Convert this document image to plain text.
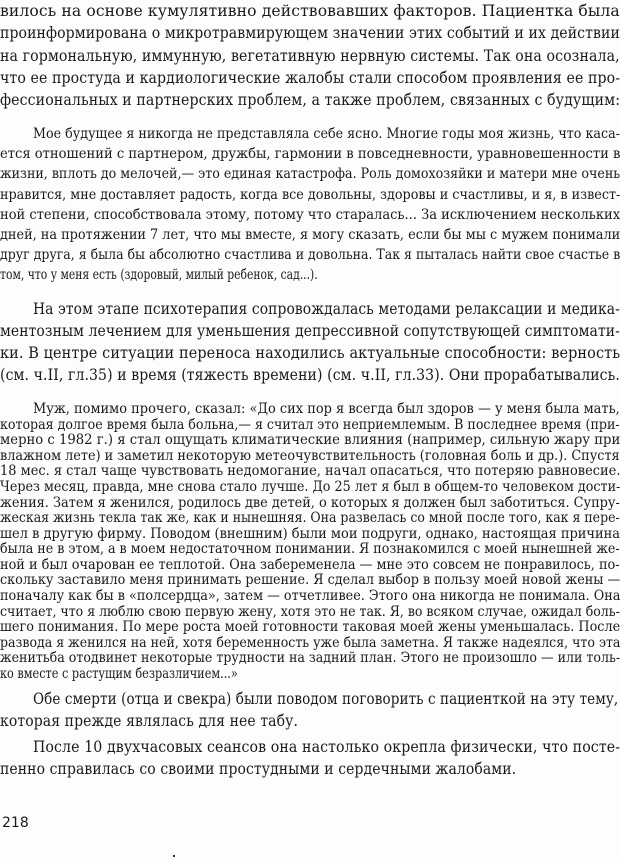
вилось на основе кумулятивно действовавших факторов. Пациентка была
проинформирована о микротравмирующем значении этих событий и их действии
на гормональную, иммунную, вегетативную нервную системы. Так она осознала,
что ее простуда и кардиологические жалобы стали способом проявления ее про-
фессиональных и партнерских проблем, а также проблем, связанных с будущим:
Мое будущее я никогда не представляла себе ясно. Многие годы моя жизнь, что каса-
ется отношений с партнером, дружбы, гармонии в повседневности, уравновешенности в
жизни, вплоть до мелочей,— это единая катастрофа. Роль домохозяйки и матери мне очень
нравится, мне доставляет радость, когда все довольны, здоровы и счастливы, и я, в извест-
ной степени, способствовала этому, потому что старалась... За исключением нескольких
дней, на протяжении 7 лет, что мы вместе, я могу сказать, если бы мы с мужем понимали
друг друга, я была бы абсолютно счастлива и довольна. Так я пыталась найти свое счастье в
том, что у меня есть (здоровый, милый ребенок, сад...).
На этом этапе психотерапия сопровождалась методами релаксации и медика-
ментозным лечением для уменьшения депрессивной сопутствующей симптомати-
ки. В центре ситуации переноса находились актуальные способности: верность
(см. ч.II, гл.35) и время (тяжесть времени) (см. ч.II, гл.33). Они прорабатывались.
Муж, помимо прочего, сказал: «До сих пор я всегда был здоров — у меня была мать,
которая долгое время была больна,— я считал это неприемлемым. В последнее время (при-
мерно с 1982 г.) я стал ощущать климатические влияния (например, сильную жару при
влажном лете) и заметил некоторую метеочувствительность (головная боль и др.). Спустя
18 мес. я стал чаще чувствовать недомогание, начал опасаться, что потеряю равновесие.
Через месяц, правда, мне снова стало лучше. До 25 лет я был в общем-то человеком дости-
жения. Затем я женился, родилось две детей, о которых я должен был заботиться. Супру-
жеская жизнь текла так же, как и нынешняя. Она развелась со мной после того, как я пере-
шел в другую фирму. Поводом (внешним) были мои подруги, однако, настоящая причина
была не в этом, а в моем недостаточном понимании. Я познакомился с моей нынешней же-
ной и был очарован ее теплотой. Она забеременела — мне это совсем не понравилось, по-
скольку заставило меня принимать решение. Я сделал выбор в пользу моей новой жены —
поначалу как бы в «полсердца», затем — отчетливее. Этого она никогда не понимала. Она
считает, что я люблю свою первую жену, хотя это не так. Я, во всяком случае, ожидал боль-
шего понимания. По мере роста моей готовности таковая моей жены уменьшалась. После
развода я женился на ней, хотя беременность уже была заметна. Я также надеялся, что эта
женитьба отодвинет некоторые трудности на задний план. Этого не произошло — или толь-
ко вместе с растущим безразличием...»
Обе смерти (отца и свекра) были поводом поговорить с пациенткой на эту тему,
которая прежде являлась для нее табу.
После 10 двухчасовых сеансов она настолько окрепла физически, что посте-
пенно справилась со своими простудными и сердечными жалобами.
218
